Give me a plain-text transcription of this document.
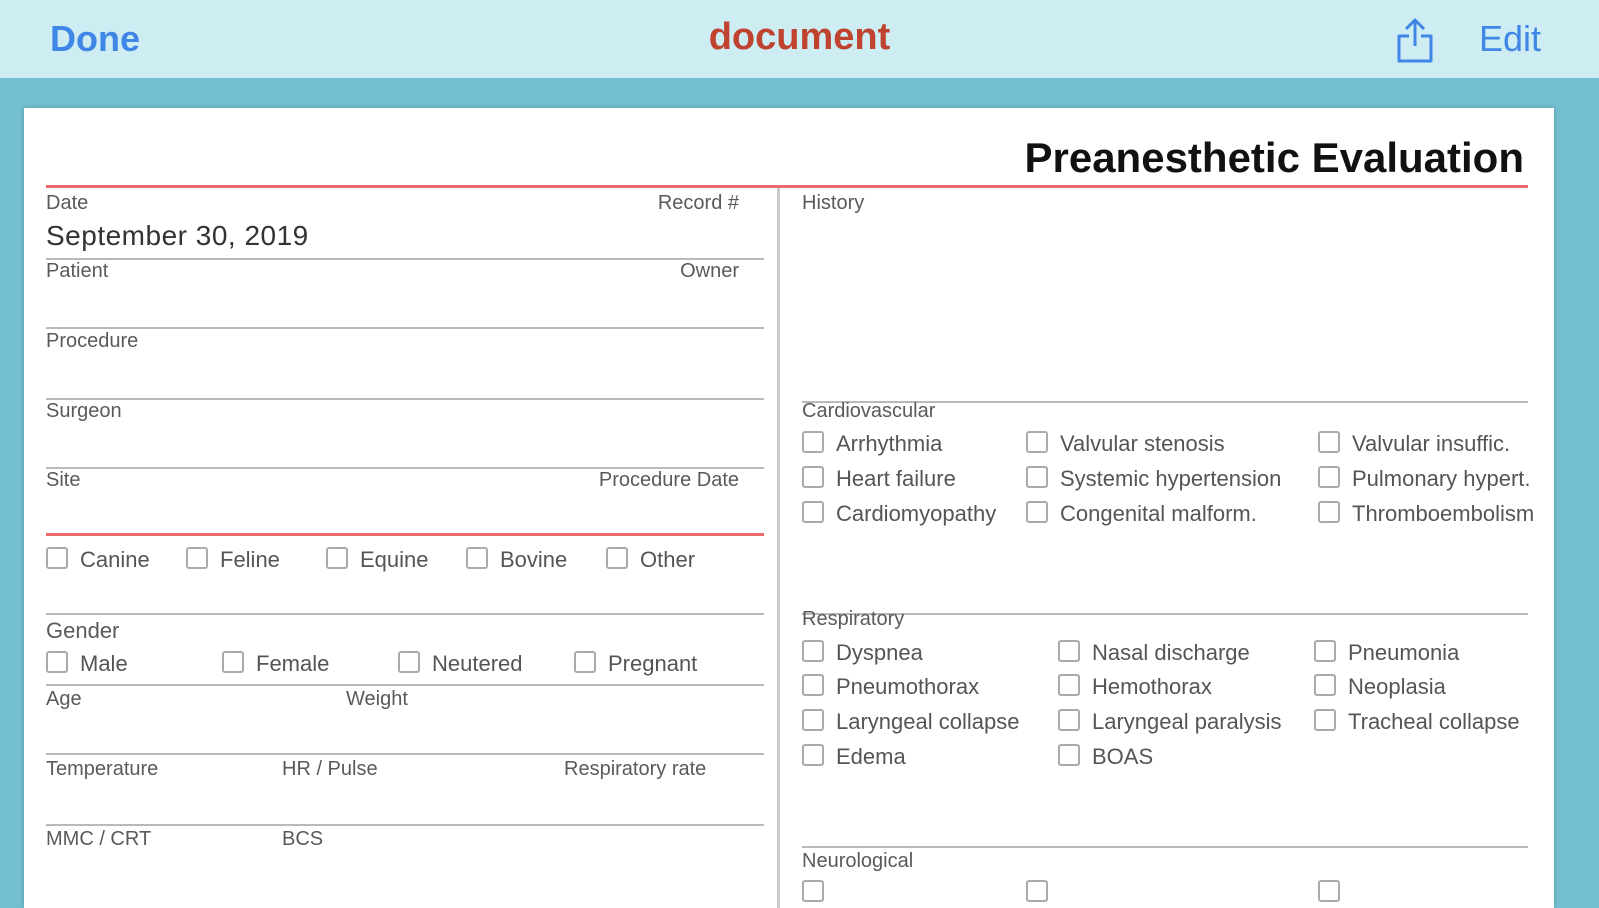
Done	document	Edit
Preanesthetic Evaluation
Date	Record #
September 30, 2019
Patient	Owner
Procedure
Surgeon
Site	Procedure Date
Canine	Feline	Equine	Bovine	Other
Gender
Male	Female	Neutered	Pregnant
Age	Weight
Temperature	HR / Pulse	Respiratory rate
MMC / CRT	BCS
History
Cardiovascular
Arrhythmia	Valvular stenosis	Valvular insuffic.
Heart failure	Systemic hypertension	Pulmonary hypert.
Cardiomyopathy	Congenital malform.	Thromboembolism
Respiratory
Dyspnea	Nasal discharge	Pneumonia
Pneumothorax	Hemothorax	Neoplasia
Laryngeal collapse	Laryngeal paralysis	Tracheal collapse
Edema	BOAS
Neurological
